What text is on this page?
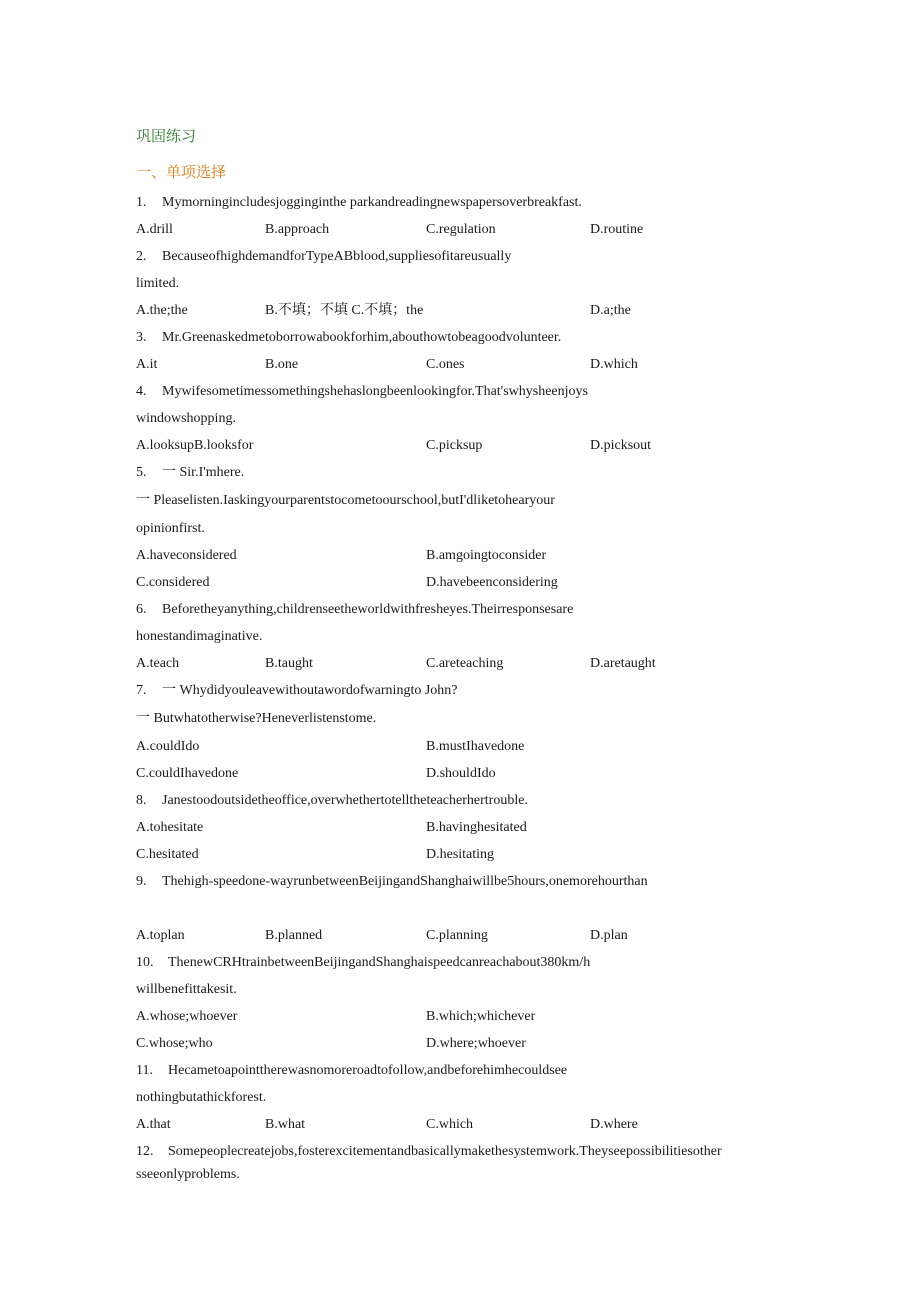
巩固练习
一、单项选择
1. Mymorningincludesjogginginthe parkandreadingnewspapersoverbreakfast.
A.drill	B.approach	C.regulation	D.routine
2. BecauseofhighdemandforTypeABblood,suppliesofitareusually
limited.
A.the;the	B.不填；不填 C.不填；the	D.a;the
3. Mr.Greenaskedmetoborrowabookforhim,abouthowtobeagoodvolunteer.
A.it	B.one	C.ones	D.which
4. Mywifesometimessomethingshehaslongbeenlookingfor.That'swhysheenjoys
windowshopping.
A.looksupB.looksfor	C.picksup	D.picksout
5. 一 Sir.I'mhere.
一 Pleaselisten.Iaskingyourparentstocometoourschool,butI'dliketohearyour
opinionfirst.
A.haveconsidered	B.amgoingtoconsider
C.considered	D.havebeenconsidering
6. Beforetheyanything,childrenseetheworldwithfresheyes.Theirresponsesare
honestandimaginative.
A.teach	B.taught	C.areteaching	D.aretaught
7. 一 Whydidyouleavewithoutawordofwarningto John?
一 Butwhatotherwise?Heneverlistenstome.
A.couldIdo	B.mustIhavedone
C.couldIhavedone	D.shouldIdo
8. Janestoodoutsidetheoffice,overwhethertotelltheteacherhertrouble.
A.tohesitate	B.havinghesitated
C.hesitated	D.hesitating
9. Thehigh-speedone-wayrunbetweenBeijingandShanghaiwillbe5hours,onemorehourthan
A.toplan	B.planned	C.planning	D.plan
10. ThenewCRHtrainbetweenBeijingandShanghaispeedcanreachabout380km/h
willbenefittakesit.
A.whose;whoever	B.which;whichever
C.whose;who	D.where;whoever
11. Hecametoapointtherewasnomoreroadtofollow,andbeforehimhecouldsee
nothingbutathickforest.
A.that	B.what	C.which	D.where
12. Somepeoplecreatejobs,fosterexcitementandbasicallymakethesystemwork.Theyseepossibilitiesother
sseeonlyproblems.
